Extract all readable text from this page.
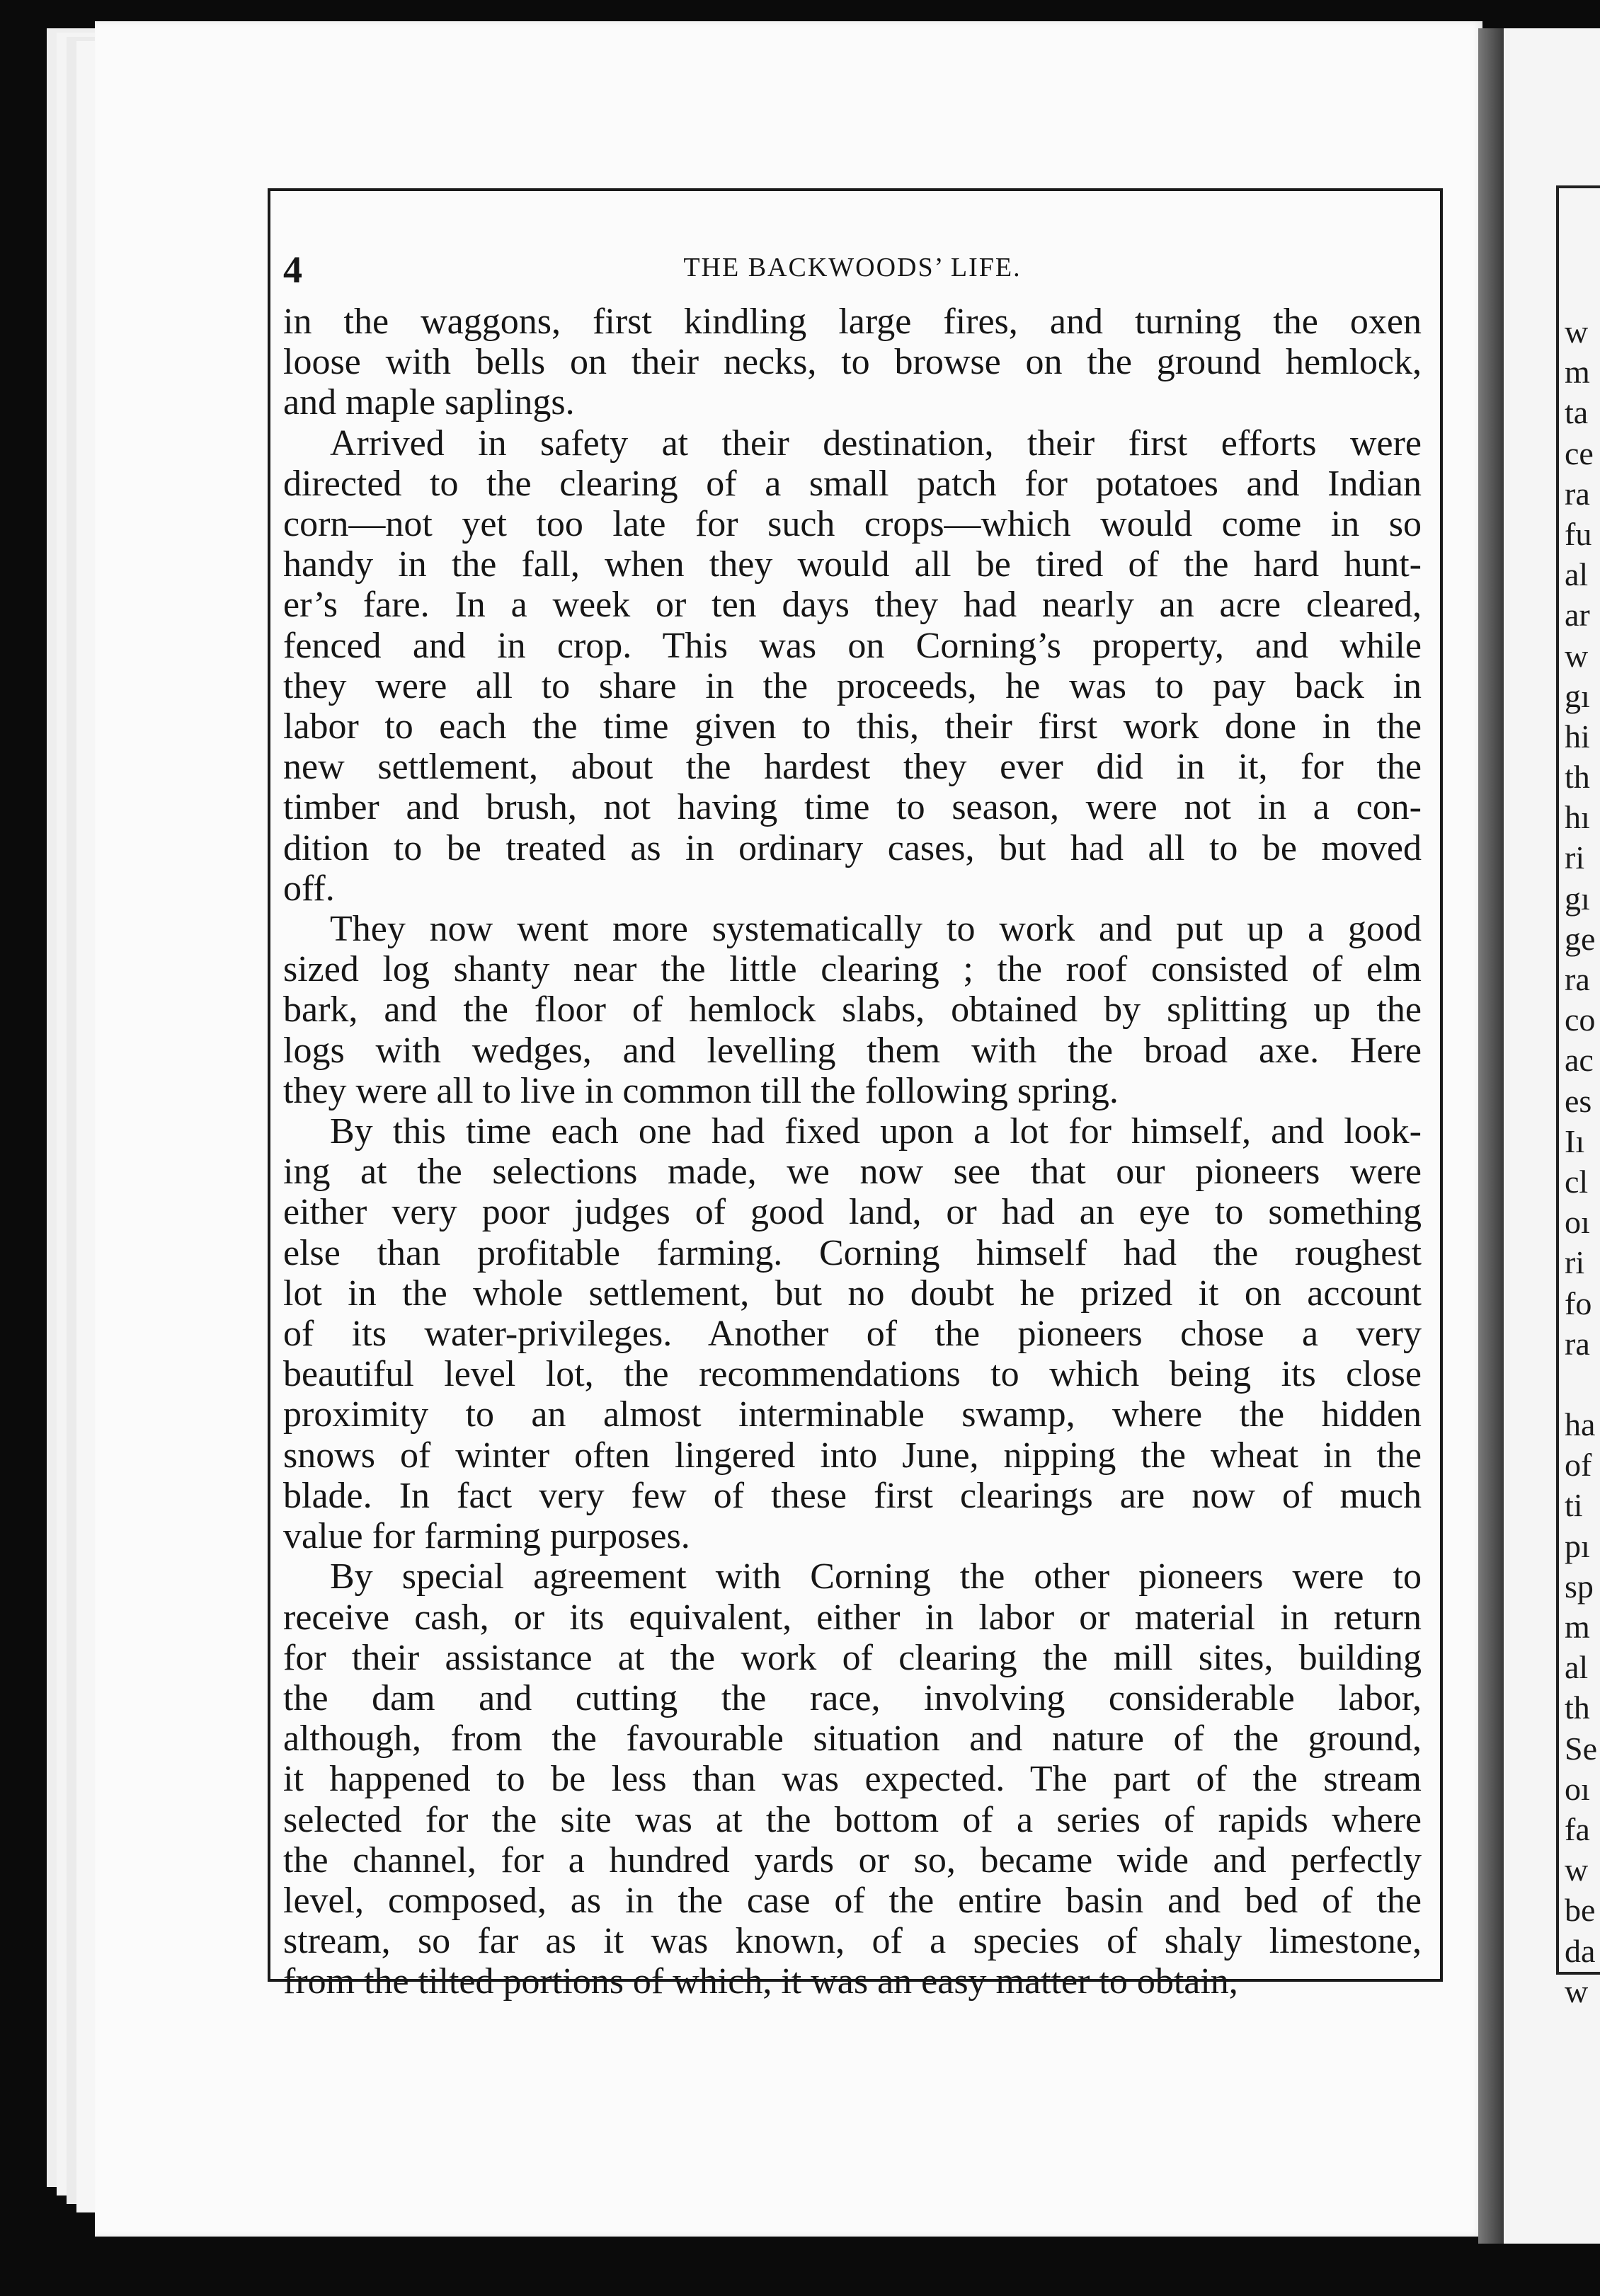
w
m
ta
ce
ra
fu
al
ar
w
gı
hi
th
hı
ri
gı
ge
ra
co
ac
es
Iı
cl
oı
ri
fo
ra
ha
of
ti
pı
sp
m
al
th
Se
oı
fa
w
be
da
w
4	THE BACKWOODS’ LIFE.

in the waggons, first kindling large fires, and turning the oxen
loose with bells on their necks, to browse on the ground hemlock,
and maple saplings.

Arrived in safety at their destination, their first efforts were
directed to the clearing of a small patch for potatoes and Indian
corn—not yet too late for such crops—which would come in so
handy in the fall, when they would all be tired of the hard hunt-
er’s fare. In a week or ten days they had nearly an acre cleared,
fenced and in crop. This was on Corning’s property, and while
they were all to share in the proceeds, he was to pay back in
labor to each the time given to this, their first work done in the
new settlement, about the hardest they ever did in it, for the
timber and brush, not having time to season, were not in a con-
dition to be treated as in ordinary cases, but had all to be moved
off.

They now went more systematically to work and put up a good
sized log shanty near the little clearing ; the roof consisted of elm
bark, and the floor of hemlock slabs, obtained by splitting up the
logs with wedges, and levelling them with the broad axe. Here
they were all to live in common till the following spring.

By this time each one had fixed upon a lot for himself, and look-
ing at the selections made, we now see that our pioneers were
either very poor judges of good land, or had an eye to something
else than profitable farming. Corning himself had the roughest
lot in the whole settlement, but no doubt he prized it on account
of its water-privileges. Another of the pioneers chose a very
beautiful level lot, the recommendations to which being its close
proximity to an almost interminable swamp, where the hidden
snows of winter often lingered into June, nipping the wheat in the
blade. In fact very few of these first clearings are now of much
value for farming purposes.

By special agreement with Corning the other pioneers were to
receive cash, or its equivalent, either in labor or material in return
for their assistance at the work of clearing the mill sites, building
the dam and cutting the race, involving considerable labor,
although, from the favourable situation and nature of the ground,
it happened to be less than was expected. The part of the stream
selected for the site was at the bottom of a series of rapids where
the channel, for a hundred yards or so, became wide and perfectly
level, composed, as in the case of the entire basin and bed of the
stream, so far as it was known, of a species of shaly limestone,
from the tilted portions of which, it was an easy matter to obtain,
